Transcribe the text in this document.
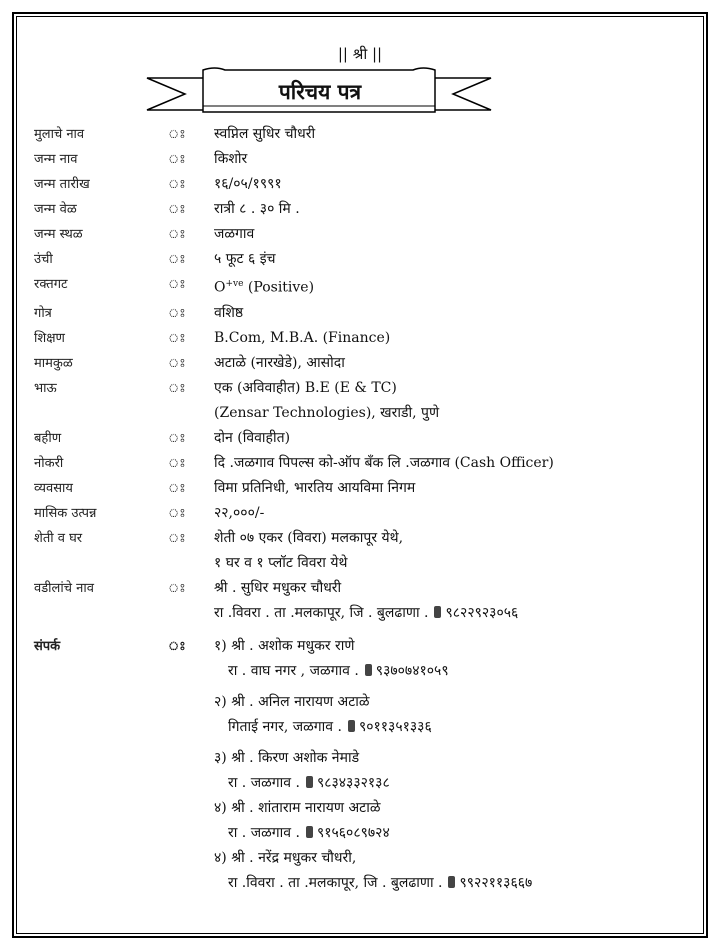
|| श्री ||
परिचय पत्र
मुलाचे नाव	ঃ	स्वप्निल सुधिर चौधरी
जन्म नाव	ঃ	किशोर
जन्म तारीख	ঃ	१६/०५/१९९१
जन्म वेळ	ঃ	रात्री ८ . ३० मि .
जन्म स्थळ	ঃ	जळगाव
उंची	ঃ	५ फूट ६ इंच
रक्तगट	ঃ	$O^{+ve}$ (Positive)
गोत्र	ঃ	वशिष्ठ
शिक्षण	ঃ	B.Com, M.B.A. (Finance)
मामकुळ	ঃ	अटाळे (नारखेडे), आसोदा
भाऊ	ঃ	एक (अविवाहीत) B.E (E & TC)
(Zensar Technologies), खराडी, पुणे
बहीण	ঃ	दोन (विवाहीत)
नोकरी	ঃ	दि .जळगाव पिपल्स को-ऑप बँक लि .जळगाव (Cash Officer)
व्यवसाय	ঃ	विमा प्रतिनिधी, भारतिय आयविमा निगम
मासिक उत्पन्न	ঃ	२२,०००/-
शेती व घर	ঃ	शेती ०७ एकर (विवरा) मलकापूर येथे,
१ घर व १ प्लॉट विवरा येथे
वडीलांचे नाव	ঃ	श्री . सुधिर मधुकर चौधरी
रा .विवरा . ता .मलकापूर, जि . बुलढाणा . ९८२२९२३०५६
संपर्क	ঃ	१) श्री . अशोक मधुकर राणे
रा . वाघ नगर , जळगाव . ९३७०७४१०५९
२) श्री . अनिल नारायण अटाळे
गिताई नगर, जळगाव . ९०११३५१३३६
३) श्री . किरण अशोक नेमाडे
रा . जळगाव . ९८३४३३२१३८
४) श्री . शांताराम नारायण अटाळे
रा . जळगाव . ९१५६०८९७२४
४) श्री . नरेंद्र मधुकर चौधरी,
रा .विवरा . ता .मलकापूर, जि . बुलढाणा . ९९२२११३६६७
